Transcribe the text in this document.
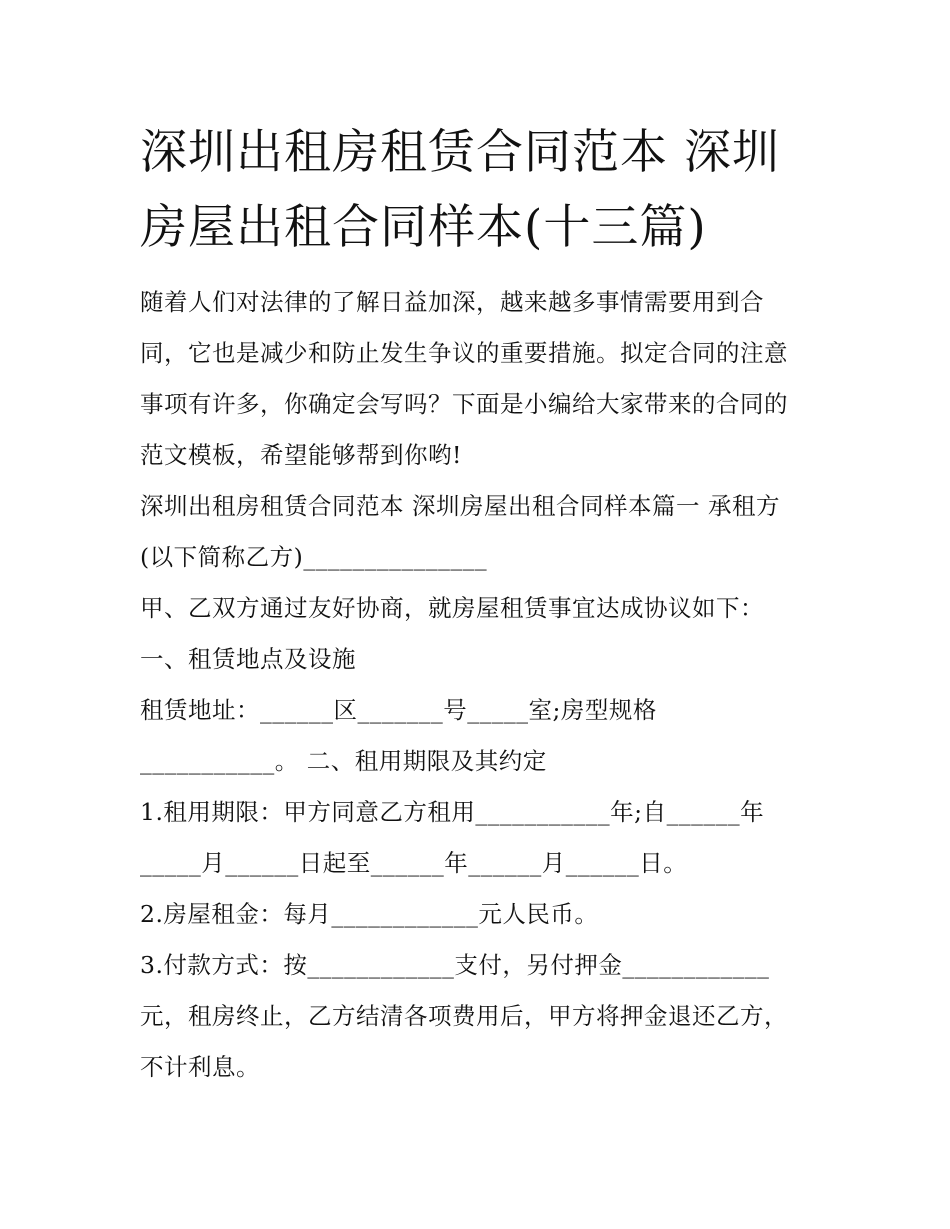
深圳出租房租赁合同范本 深圳
房屋出租合同样本(十三篇)
随着人们对法律的了解日益加深，越来越多事情需要用到合
同，它也是减少和防止发生争议的重要措施。拟定合同的注意
事项有许多，你确定会写吗？下面是小编给大家带来的合同的
范文模板，希望能够帮到你哟!
深圳出租房租赁合同范本 深圳房屋出租合同样本篇一 承租方
(以下简称乙方)_______________
甲、乙双方通过友好协商，就房屋租赁事宜达成协议如下：
一、租赁地点及设施
租赁地址：______区_______号_____室;房型规格
___________。 二、租用期限及其约定
1.租用期限：甲方同意乙方租用___________年;自______年
_____月______日起至______年______月______日。
2.房屋租金：每月____________元人民币。
3.付款方式：按____________支付，另付押金____________
元，租房终止，乙方结清各项费用后，甲方将押金退还乙方，
不计利息。
